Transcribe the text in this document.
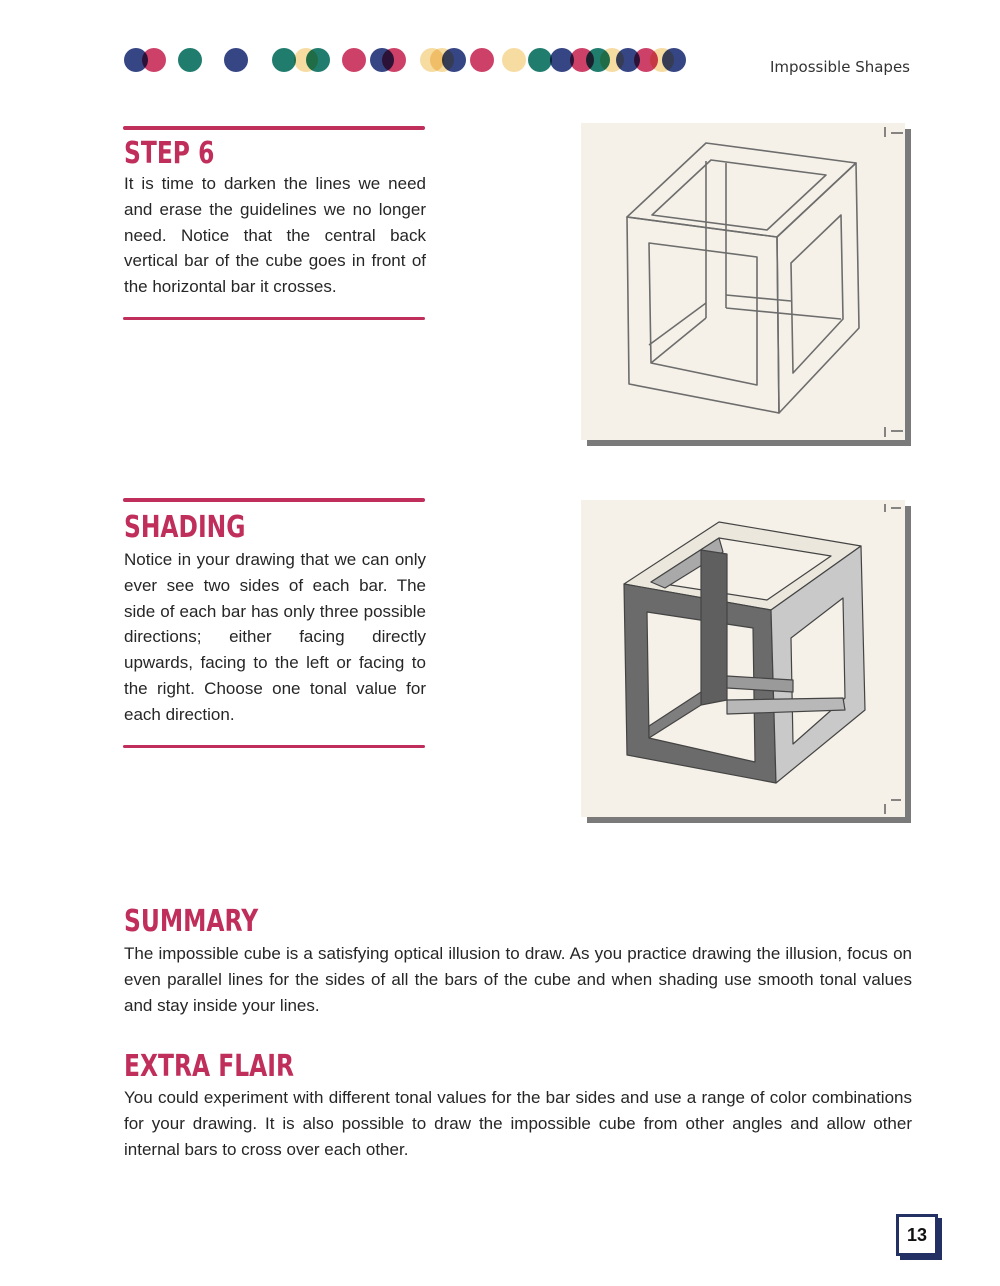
Impossible Shapes
STEP 6

It is time to darken the lines we need and erase the guidelines we no longer need. Notice that the central back vertical bar of the cube goes in front of the horizontal bar it crosses.

SHADING

Notice in your drawing that we can only ever see two sides of each bar. The side of each bar has only three possible directions; either facing directly upwards, facing to the left or facing to the right. Choose one tonal value for each direction.

SUMMARY

The impossible cube is a satisfying optical illusion to draw. As you practice drawing the illusion, focus on even parallel lines for the sides of all the bars of the cube and when shading use smooth tonal values and stay inside your lines.

EXTRA FLAIR

You could experiment with different tonal values for the bar sides and use a range of color combinations for your drawing. It is also possible to draw the impossible cube from other angles and allow other internal bars to cross over each other.

13
